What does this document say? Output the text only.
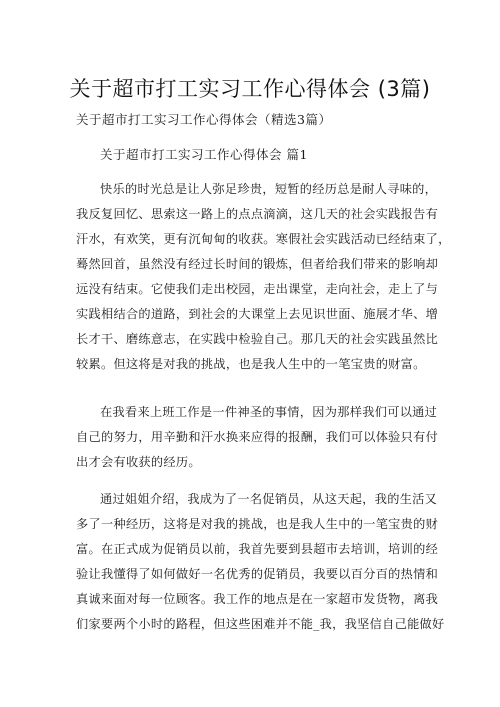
关于超市打工实习工作心得体会 (3篇)
关于超市打工实习工作心得体会（精选3篇）
关于超市打工实习工作心得体会 篇1
快乐的时光总是让人弥足珍贵，短暂的经历总是耐人寻味的，
我反复回忆、思索这一路上的点点滴滴，这几天的社会实践报告有
汗水，有欢笑，更有沉甸甸的收获。寒假社会实践活动已经结束了，
蓦然回首，虽然没有经过长时间的锻炼，但者给我们带来的影响却
远没有结束。它使我们走出校园，走出课堂，走向社会，走上了与
实践相结合的道路，到社会的大课堂上去见识世面、施展才华、增
长才干、磨练意志，在实践中检验自己。那几天的社会实践虽然比
较累。但这将是对我的挑战，也是我人生中的一笔宝贵的财富。
在我看来上班工作是一件神圣的事情，因为那样我们可以通过
自己的努力，用辛勤和汗水换来应得的报酬，我们可以体验只有付
出才会有收获的经历。
通过姐姐介绍，我成为了一名促销员，从这天起，我的生活又
多了一种经历，这将是对我的挑战，也是我人生中的一笔宝贵的财
富。在正式成为促销员以前，我首先要到县超市去培训，培训的经
验让我懂得了如何做好一名优秀的促销员，我要以百分百的热情和
真诚来面对每一位顾客。我工作的地点是在一家超市发货物，离我
们家要两个小时的路程，但这些困难并不能_我，我坚信自己能做好
